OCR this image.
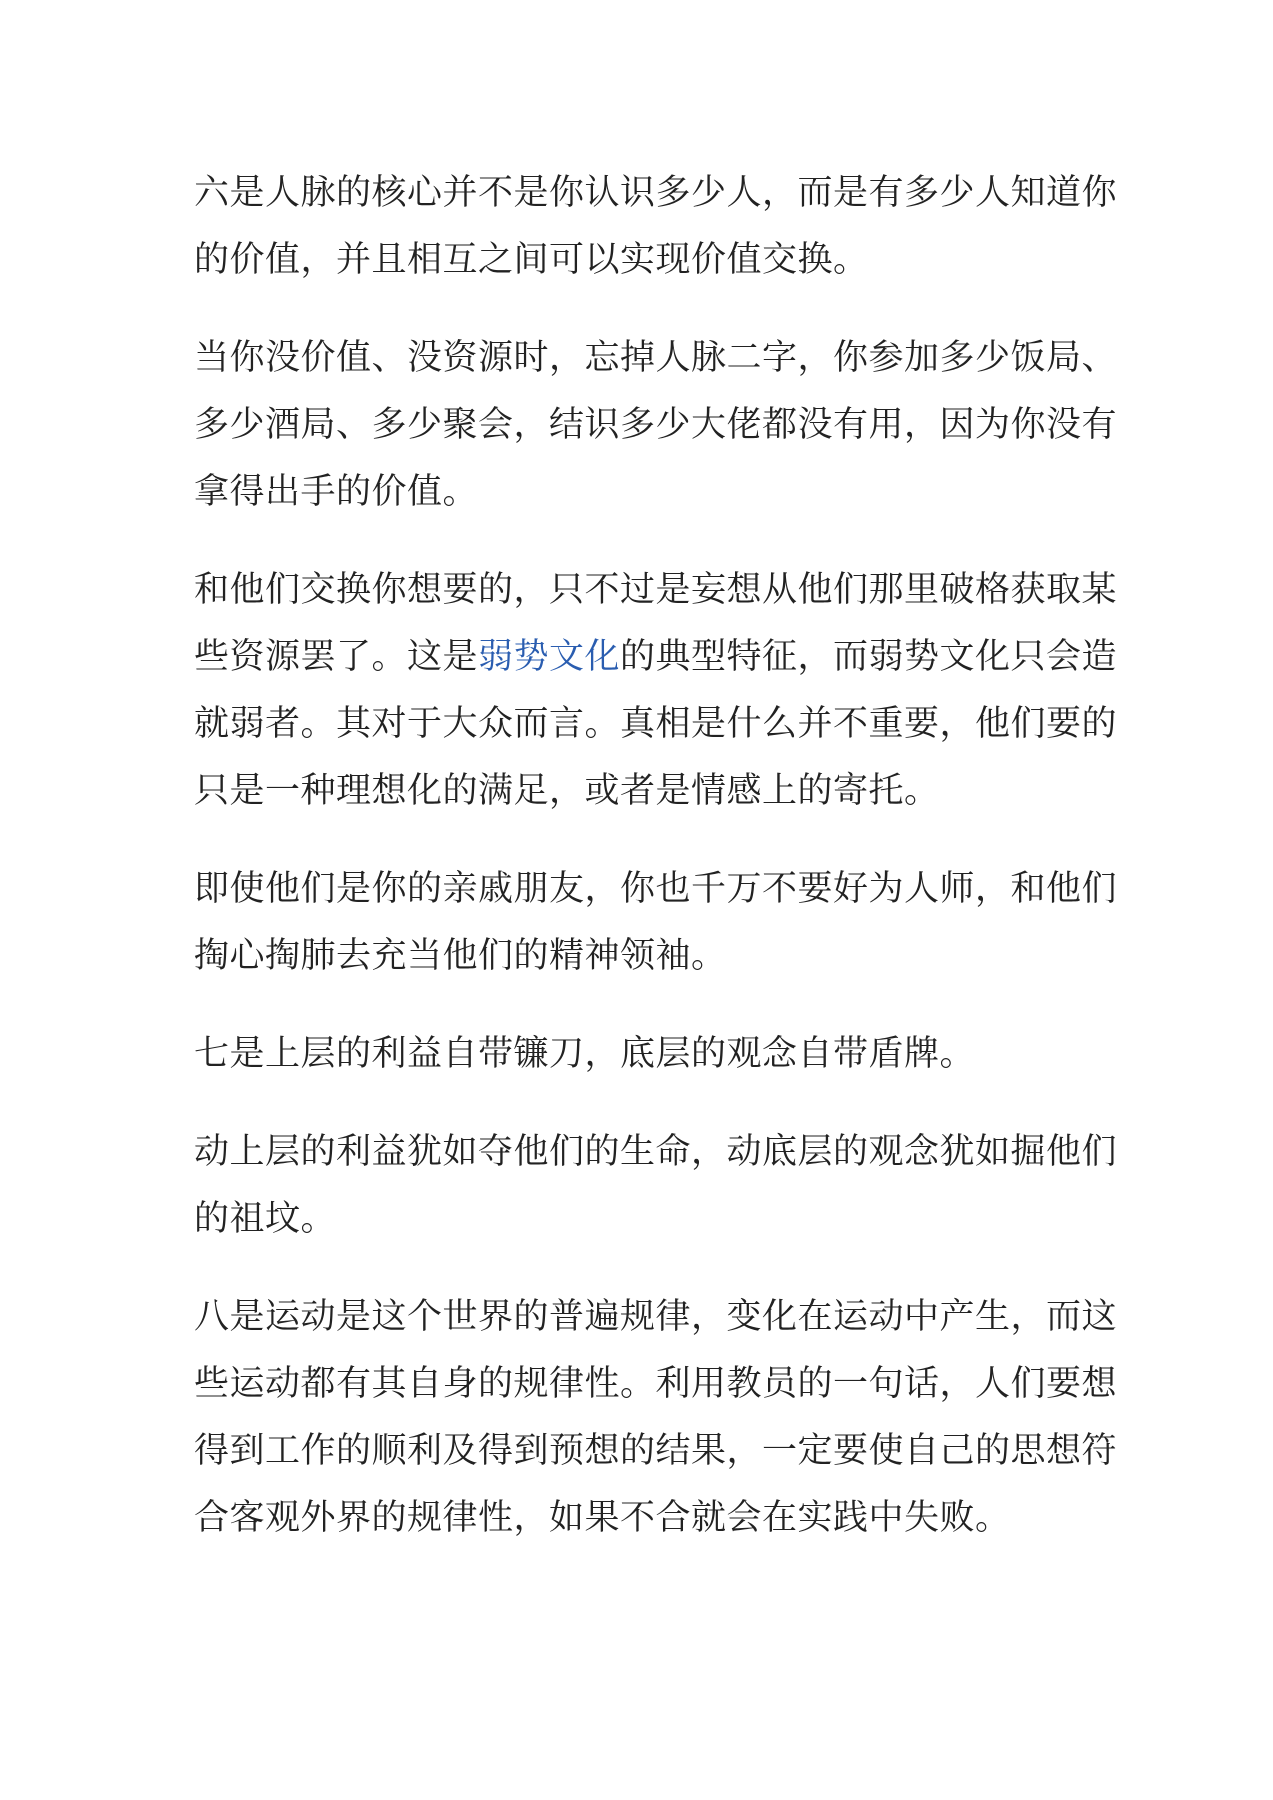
六是人脉的核心并不是你认识多少人，而是有多少人知道你
的价值，并且相互之间可以实现价值交换。

当你没价值、没资源时，忘掉人脉二字，你参加多少饭局、
多少酒局、多少聚会，结识多少大佬都没有用，因为你没有
拿得出手的价值。

和他们交换你想要的，只不过是妄想从他们那里破格获取某
些资源罢了。这是弱势文化的典型特征，而弱势文化只会造
就弱者。其对于大众而言。真相是什么并不重要，他们要的
只是一种理想化的满足，或者是情感上的寄托。

即使他们是你的亲戚朋友，你也千万不要好为人师，和他们
掏心掏肺去充当他们的精神领袖。

七是上层的利益自带镰刀，底层的观念自带盾牌。

动上层的利益犹如夺他们的生命，动底层的观念犹如掘他们
的祖坟。

八是运动是这个世界的普遍规律，变化在运动中产生，而这
些运动都有其自身的规律性。利用教员的一句话，人们要想
得到工作的顺利及得到预想的结果，一定要使自己的思想符
合客观外界的规律性，如果不合就会在实践中失败。
